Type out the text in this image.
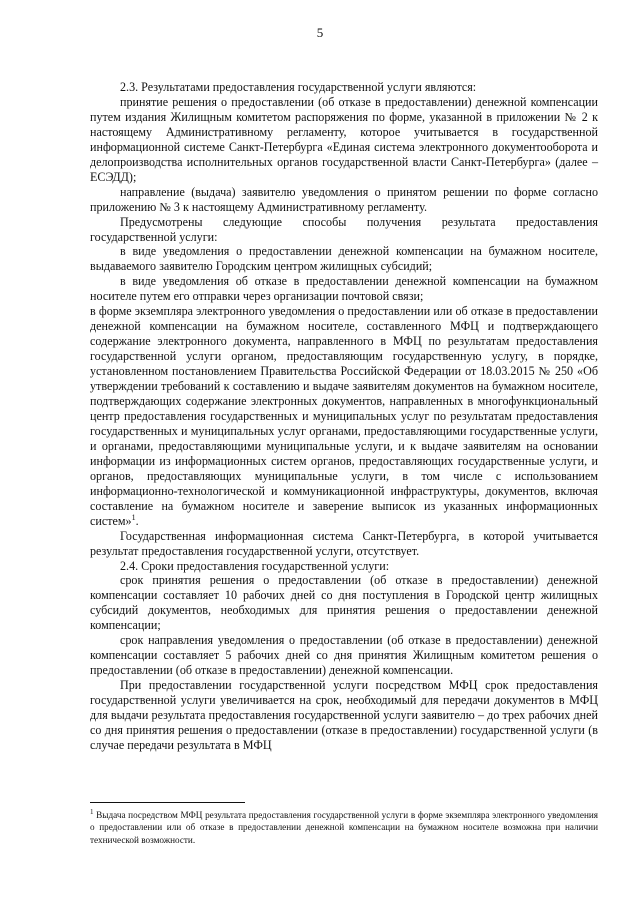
5

2.3. Результатами предоставления государственной услуги являются:

принятие решения о предоставлении (об отказе в предоставлении) денежной компенсации путем издания Жилищным комитетом распоряжения по форме, указанной в приложении № 2 к настоящему Административному регламенту, которое учитывается в государственной информационной системе Санкт-Петербурга «Единая система электронного документооборота и делопроизводства исполнительных органов государственной власти Санкт-Петербурга» (далее – ЕСЭДД);

направление (выдача) заявителю уведомления о принятом решении по форме согласно приложению № 3 к настоящему Административному регламенту.

Предусмотрены следующие способы получения результата предоставления государственной услуги:

в виде уведомления о предоставлении денежной компенсации на бумажном носителе, выдаваемого заявителю Городским центром жилищных субсидий;

в виде уведомления об отказе в предоставлении денежной компенсации на бумажном носителе путем его отправки через организации почтовой связи;

в форме экземпляра электронного уведомления о предоставлении или об отказе в предоставлении денежной компенсации на бумажном носителе, составленного МФЦ и подтверждающего содержание электронного документа, направленного в МФЦ по результатам предоставления государственной услуги органом, предоставляющим государственную услугу, в порядке, установленном постановлением Правительства Российской Федерации от 18.03.2015 № 250 «Об утверждении требований к составлению и выдаче заявителям документов на бумажном носителе, подтверждающих содержание электронных документов, направленных в многофункциональный центр предоставления государственных и муниципальных услуг по результатам предоставления государственных и муниципальных услуг органами, предоставляющими государственные услуги, и органами, предоставляющими муниципальные услуги, и к выдаче заявителям на основании информации из информационных систем органов, предоставляющих государственные услуги, и органов, предоставляющих муниципальные услуги, в том числе с использованием информационно-технологической и коммуникационной инфраструктуры, документов, включая составление на бумажном носителе и заверение выписок из указанных информационных систем»$^1$.

Государственная информационная система Санкт-Петербурга, в которой учитывается результат предоставления государственной услуги, отсутствует.

2.4. Сроки предоставления государственной услуги:

срок принятия решения о предоставлении (об отказе в предоставлении) денежной компенсации составляет 10 рабочих дней со дня поступления в Городской центр жилищных субсидий документов, необходимых для принятия решения о предоставлении денежной компенсации;

срок направления уведомления о предоставлении (об отказе в предоставлении) денежной компенсации составляет 5 рабочих дней со дня принятия Жилищным комитетом решения о предоставлении (об отказе в предоставлении) денежной компенсации.

При предоставлении государственной услуги посредством МФЦ срок предоставления государственной услуги увеличивается на срок, необходимый для передачи документов в МФЦ для выдачи результата предоставления государственной услуги заявителю – до трех рабочих дней со дня принятия решения о предоставлении (отказе в предоставлении) государственной услуги (в случае передачи результата в МФЦ

$^1$ Выдача посредством МФЦ результата предоставления государственной услуги в форме экземпляра электронного уведомления о предоставлении или об отказе в предоставлении денежной компенсации на бумажном носителе возможна при наличии технической возможности.
